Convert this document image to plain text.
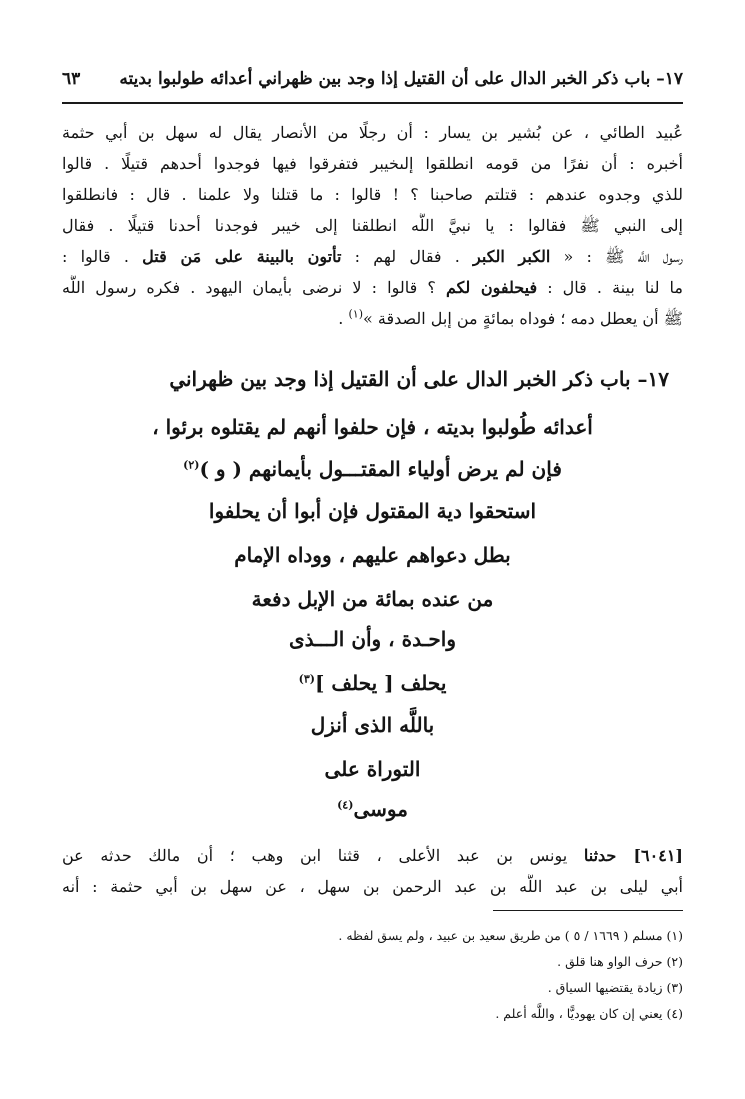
١٧– باب ذكر الخبر الدال على أن القتيل إذا وجد بين ظهراني أعدائه طولبوا بديته
٦٣
عُبيد الطائي ، عن بُشير بن يسار : أن رجلًا من الأنصار يقال له سهل بن أبي حثمة
أخبره : أن نفرًا من قومه انطلقوا إلىخيبر فتفرقوا فيها فوجدوا أحدهم قتيلًا . قالوا
للذي وجدوه عندهم : قتلتم صاحبنا ؟ ! قالوا : ما قتلنا ولا علمنا . قال : فانطلقوا
إلى النبي ﷺ فقالوا : يا نبيَّ اللَّه انطلقنا إلى خيبر فوجدنا أحدنا قتيلًا . فقال
رسول اللَّه ﷺ : « الكبر الكبر . فقال لهم : تأتون بالبينة على مَن قتل . قالوا :
ما لنا بينة . قال : فيحلفون لكم ؟ قالوا : لا نرضى بأيمان اليهود . فكره رسول اللَّه
ﷺ أن يعطل دمه ؛ فوداه بمائةٍ من إبل الصدقة »$^{(١)}$ .
١٧– باب ذكر الخبر الدال على أن القتيل إذا وجد بين ظهراني
أعدائه طُولبوا بديته ، فإن حلفوا أنهم لم يقتلوه برئوا ،
فإن لم يرض أولياء المقتـــول بأيمانهم ( و )$^{(٢)}$
استحقوا دية المقتول فإن أبوا أن يحلفوا
بطل دعواهم عليهم ، ووداه الإمام
من عنده بمائة من الإبل دفعة
واحـدة ، وأن الـــذى
يحلف [ يحلف ]$^{(٣)}$
باللَّه الذى أنزل
التوراة على
موسى$^{(٤)}$
[٦٠٤١] حدثنا يونس بن عبد الأعلى ، قثنا ابن وهب ؛ أن مالك حدثه عن
أبي ليلى بن عبد اللَّه بن عبد الرحمن بن سهل ، عن سهل بن أبي حثمة : أنه
(١) مسلم ( ١٦٦٩ / ٥ ) من طريق سعيد بن عبيد ، ولم يسق لفظه .
(٢) حرف الواو هنا قلق .
(٣) زيادة يقتضيها السياق .
(٤) يعني إن كان يهوديًّا ، واللَّه أعلم .
